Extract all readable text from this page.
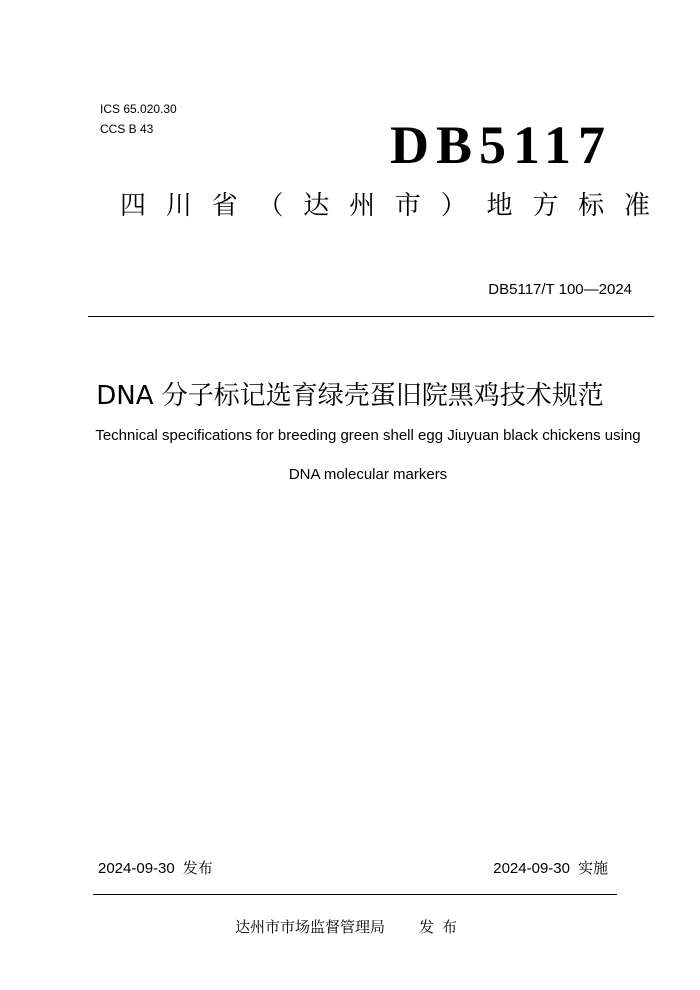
ICS 65.020.30
CCS B 43	DB5117
四 川 省 （ 达 州 市 ） 地 方 标 准
DB5117/T 100—2024
DNA 分子标记选育绿壳蛋旧院黑鸡技术规范
Technical specifications for breeding green shell egg Jiuyuan black chickens using
DNA molecular markers
2024-09-30 发布	2024-09-30 实施
达州市市场监督管理局 发布
